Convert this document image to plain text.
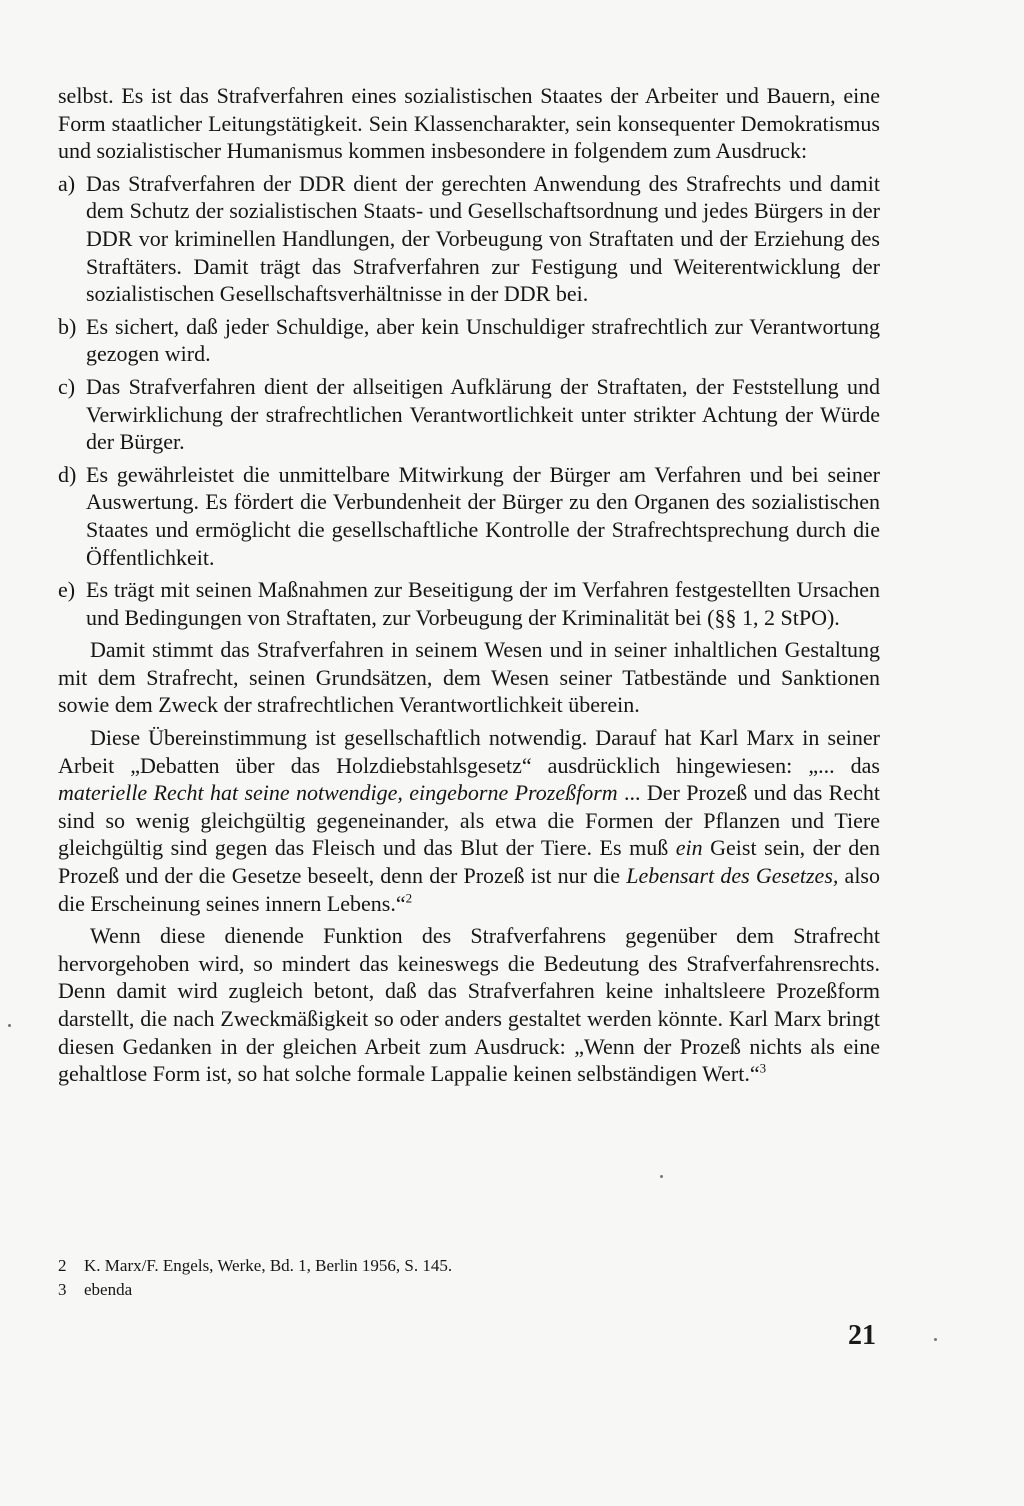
selbst. Es ist das Strafverfahren eines sozialistischen Staates der Arbeiter und Bauern, eine Form staatlicher Leitungstätigkeit. Sein Klassencharakter, sein konsequenter Demokratismus und sozialistischer Humanismus kommen insbesondere in folgendem zum Ausdruck:

a) Das Strafverfahren der DDR dient der gerechten Anwendung des Strafrechts und damit dem Schutz der sozialistischen Staats- und Gesellschaftsordnung und jedes Bürgers in der DDR vor kriminellen Handlungen, der Vorbeugung von Straftaten und der Erziehung des Straftäters. Damit trägt das Strafverfahren zur Festigung und Weiterentwicklung der sozialistischen Gesellschaftsverhältnisse in der DDR bei.
b) Es sichert, daß jeder Schuldige, aber kein Unschuldiger strafrechtlich zur Verantwortung gezogen wird.
c) Das Strafverfahren dient der allseitigen Aufklärung der Straftaten, der Feststellung und Verwirklichung der strafrechtlichen Verantwortlichkeit unter strikter Achtung der Würde der Bürger.
d) Es gewährleistet die unmittelbare Mitwirkung der Bürger am Verfahren und bei seiner Auswertung. Es fördert die Verbundenheit der Bürger zu den Organen des sozialistischen Staates und ermöglicht die gesellschaftliche Kontrolle der Strafrechtsprechung durch die Öffentlichkeit.
e) Es trägt mit seinen Maßnahmen zur Beseitigung der im Verfahren festgestellten Ursachen und Bedingungen von Straftaten, zur Vorbeugung der Kriminalität bei (§§ 1, 2 StPO).

Damit stimmt das Strafverfahren in seinem Wesen und in seiner inhaltlichen Gestaltung mit dem Strafrecht, seinen Grundsätzen, dem Wesen seiner Tatbestände und Sanktionen sowie dem Zweck der strafrechtlichen Verantwortlichkeit überein.

Diese Übereinstimmung ist gesellschaftlich notwendig. Darauf hat Karl Marx in seiner Arbeit „Debatten über das Holzdiebstahlsgesetz“ ausdrücklich hingewiesen: „... das materielle Recht hat seine notwendige, eingeborne Prozeßform ... Der Prozeß und das Recht sind so wenig gleichgültig gegeneinander, als etwa die Formen der Pflanzen und Tiere gleichgültig sind gegen das Fleisch und das Blut der Tiere. Es muß ein Geist sein, der den Prozeß und der die Gesetze beseelt, denn der Prozeß ist nur die Lebensart des Gesetzes, also die Erscheinung seines innern Lebens.“$^2$

Wenn diese dienende Funktion des Strafverfahrens gegenüber dem Strafrecht hervorgehoben wird, so mindert das keineswegs die Bedeutung des Strafverfahrensrechts. Denn damit wird zugleich betont, daß das Strafverfahren keine inhaltsleere Prozeßform darstellt, die nach Zweckmäßigkeit so oder anders gestaltet werden könnte. Karl Marx bringt diesen Gedanken in der gleichen Arbeit zum Ausdruck: „Wenn der Prozeß nichts als eine gehaltlose Form ist, so hat solche formale Lappalie keinen selbständigen Wert.“$^3$

2	K. Marx/F. Engels, Werke, Bd. 1, Berlin 1956, S. 145.
3	ebenda
21
